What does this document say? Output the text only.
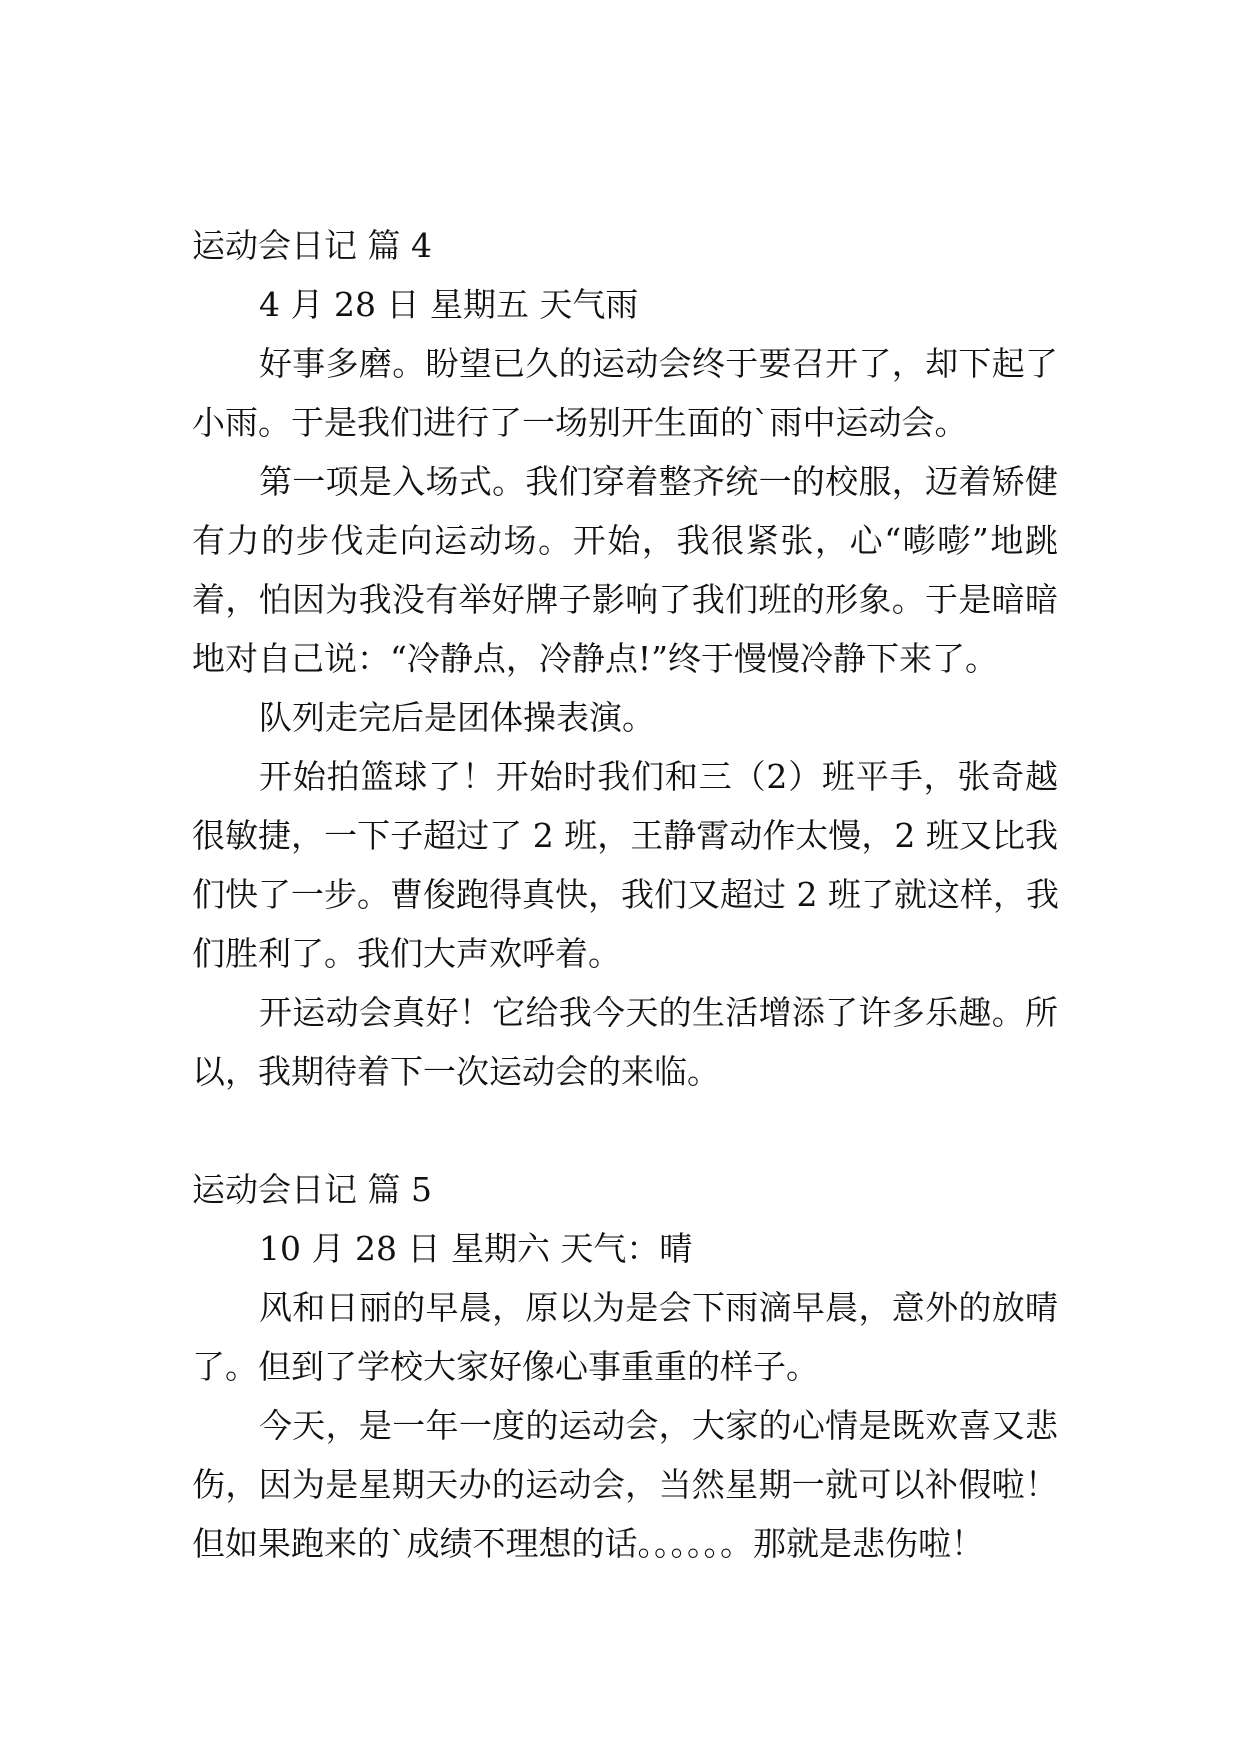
运动会日记 篇 4
4 月 28 日 星期五 天气雨
好事多磨。盼望已久的运动会终于要召开了，却下起了
小雨。于是我们进行了一场别开生面的`雨中运动会。
第一项是入场式。我们穿着整齐统一的校服，迈着矫健
有力的步伐走向运动场。开始，我很紧张，心“嘭嘭”地跳
着，怕因为我没有举好牌子影响了我们班的形象。于是暗暗
地对自己说：“冷静点，冷静点!”终于慢慢冷静下来了。
队列走完后是团体操表演。
开始拍篮球了！开始时我们和三（2）班平手，张奇越
很敏捷，一下子超过了 2 班，王静霄动作太慢，2 班又比我
们快了一步。曹俊跑得真快，我们又超过 2 班了就这样，我
们胜利了。我们大声欢呼着。
开运动会真好！它给我今天的生活增添了许多乐趣。所
以，我期待着下一次运动会的来临。
运动会日记 篇 5
10 月 28 日 星期六 天气：晴
风和日丽的早晨，原以为是会下雨滴早晨，意外的放晴
了。但到了学校大家好像心事重重的样子。
今天，是一年一度的运动会，大家的心情是既欢喜又悲
伤，因为是星期天办的运动会，当然星期一就可以补假啦！
但如果跑来的`成绩不理想的话。。。。。。那就是悲伤啦！
